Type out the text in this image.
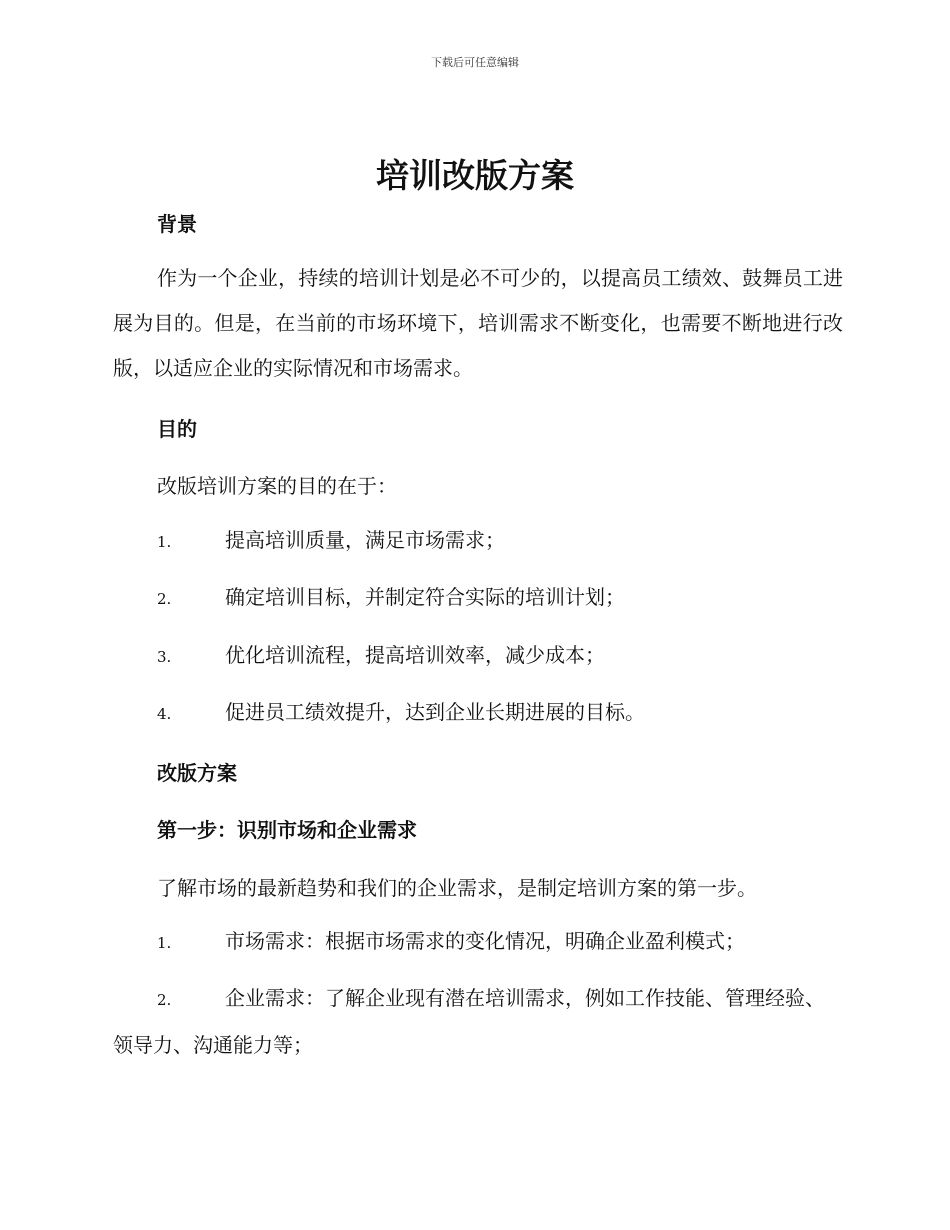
下载后可任意编辑
培训改版方案
背景

作为一个企业，持续的培训计划是必不可少的，以提高员工绩效、鼓舞员工进展为目的。但是，在当前的市场环境下，培训需求不断变化，也需要不断地进行改版，以适应企业的实际情况和市场需求。

目的

改版培训方案的目的在于：

1.	提高培训质量，满足市场需求；
2.	确定培训目标，并制定符合实际的培训计划；
3.	优化培训流程，提高培训效率，减少成本；
4.	促进员工绩效提升，达到企业长期进展的目标。
改版方案
第一步：识别市场和企业需求

了解市场的最新趋势和我们的企业需求，是制定培训方案的第一步。

1.	市场需求：根据市场需求的变化情况，明确企业盈利模式；
2.	企业需求：了解企业现有潜在培训需求，例如工作技能、管理经验、领导力、沟通能力等；
